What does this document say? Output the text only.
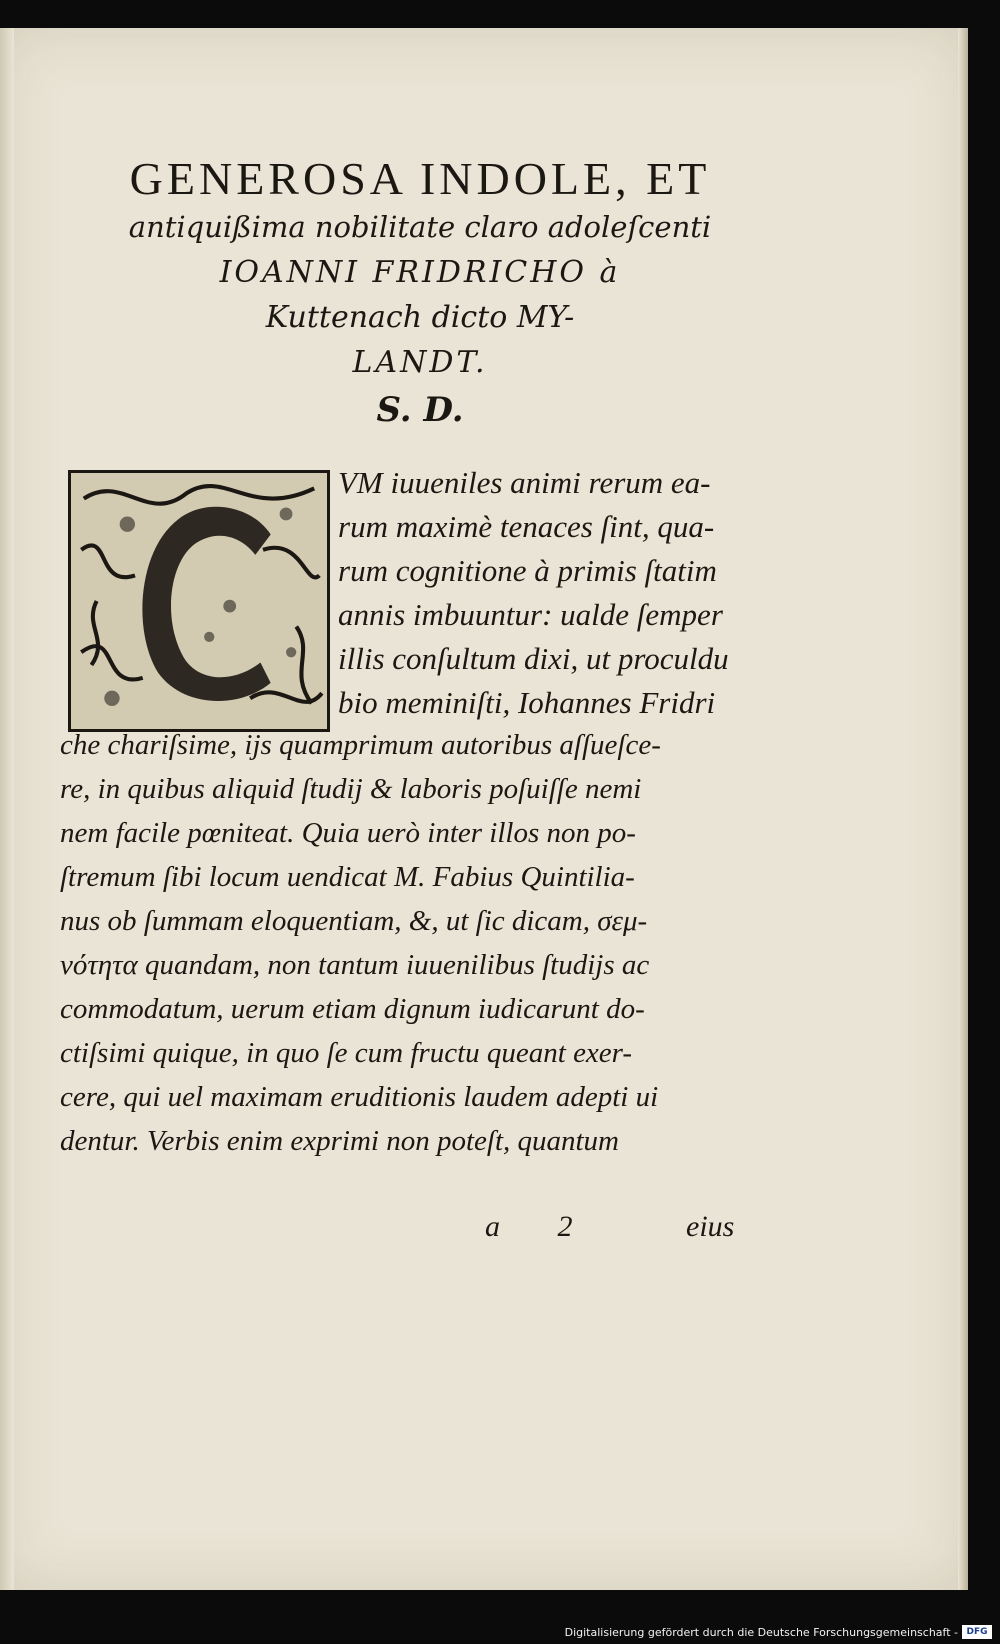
GENEROSA INDOLE, ET
antiquißima nobilitate claro adoleſcenti
IOANNI FRIDRICHO à
Kuttenach dicto MY-
LANDT.
S. D.
VM iuueniles animi rerum ea-
rum maximè tenaces ſint, qua-
rum cognitione à primis ſtatim
annis imbuuntur: ualde ſemper
illis conſultum dixi, ut proculdu
bio meminiſti, Iohannes Fridri
che chariſsime, ijs quamprimum autoribus aſſueſce-
re, in quibus aliquid ſtudij & laboris poſuiſſe nemi
nem facile pœniteat. Quia uerò inter illos non po-
ſtremum ſibi locum uendicat M. Fabius Quintilia-
nus ob ſummam eloquentiam, &, ut ſic dicam, σεμ-
νότητα quandam, non tantum iuuenilibus ſtudijs ac
commodatum, uerum etiam dignum iudicarunt do-
ctiſsimi quique, in quo ſe cum fructu queant exer-
cere, qui uel maximam eruditionis laudem adepti ui
dentur. Verbis enim exprimi non poteſt, quantum
a 2	eius
Digitalisierung gefördert durch die Deutsche Forschungsgemeinschaft - DFG
